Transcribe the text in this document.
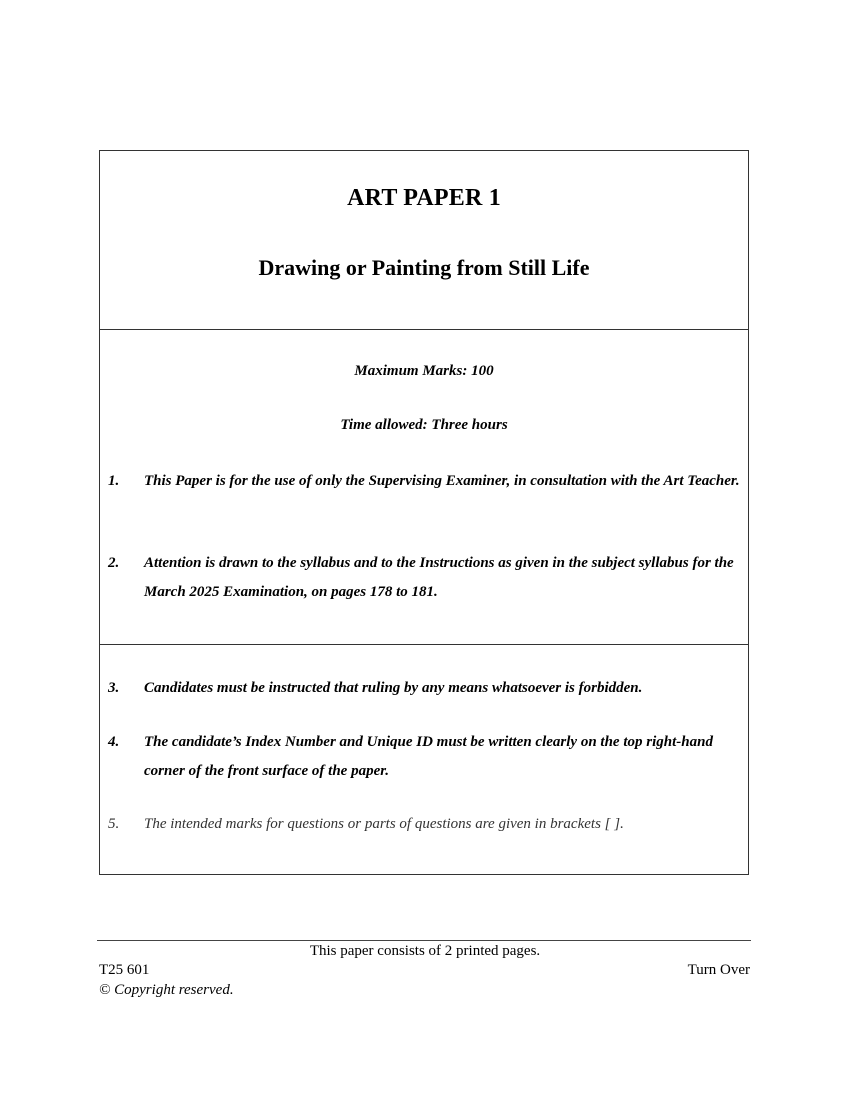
ART PAPER 1
Drawing or Painting from Still Life
Maximum Marks: 100
Time allowed: Three hours
1.	This Paper is for the use of only the Supervising Examiner, in consultation with the Art Teacher.
2.	Attention is drawn to the syllabus and to the Instructions as given in the subject syllabus for the March 2025 Examination, on pages 178 to 181.
3.	Candidates must be instructed that ruling by any means whatsoever is forbidden.
4.	The candidate’s Index Number and Unique ID must be written clearly on the top right-hand corner of the front surface of the paper.
5.	The intended marks for questions or parts of questions are given in brackets [ ].
This paper consists of 2 printed pages.
T25 601	Turn Over
© Copyright reserved.
